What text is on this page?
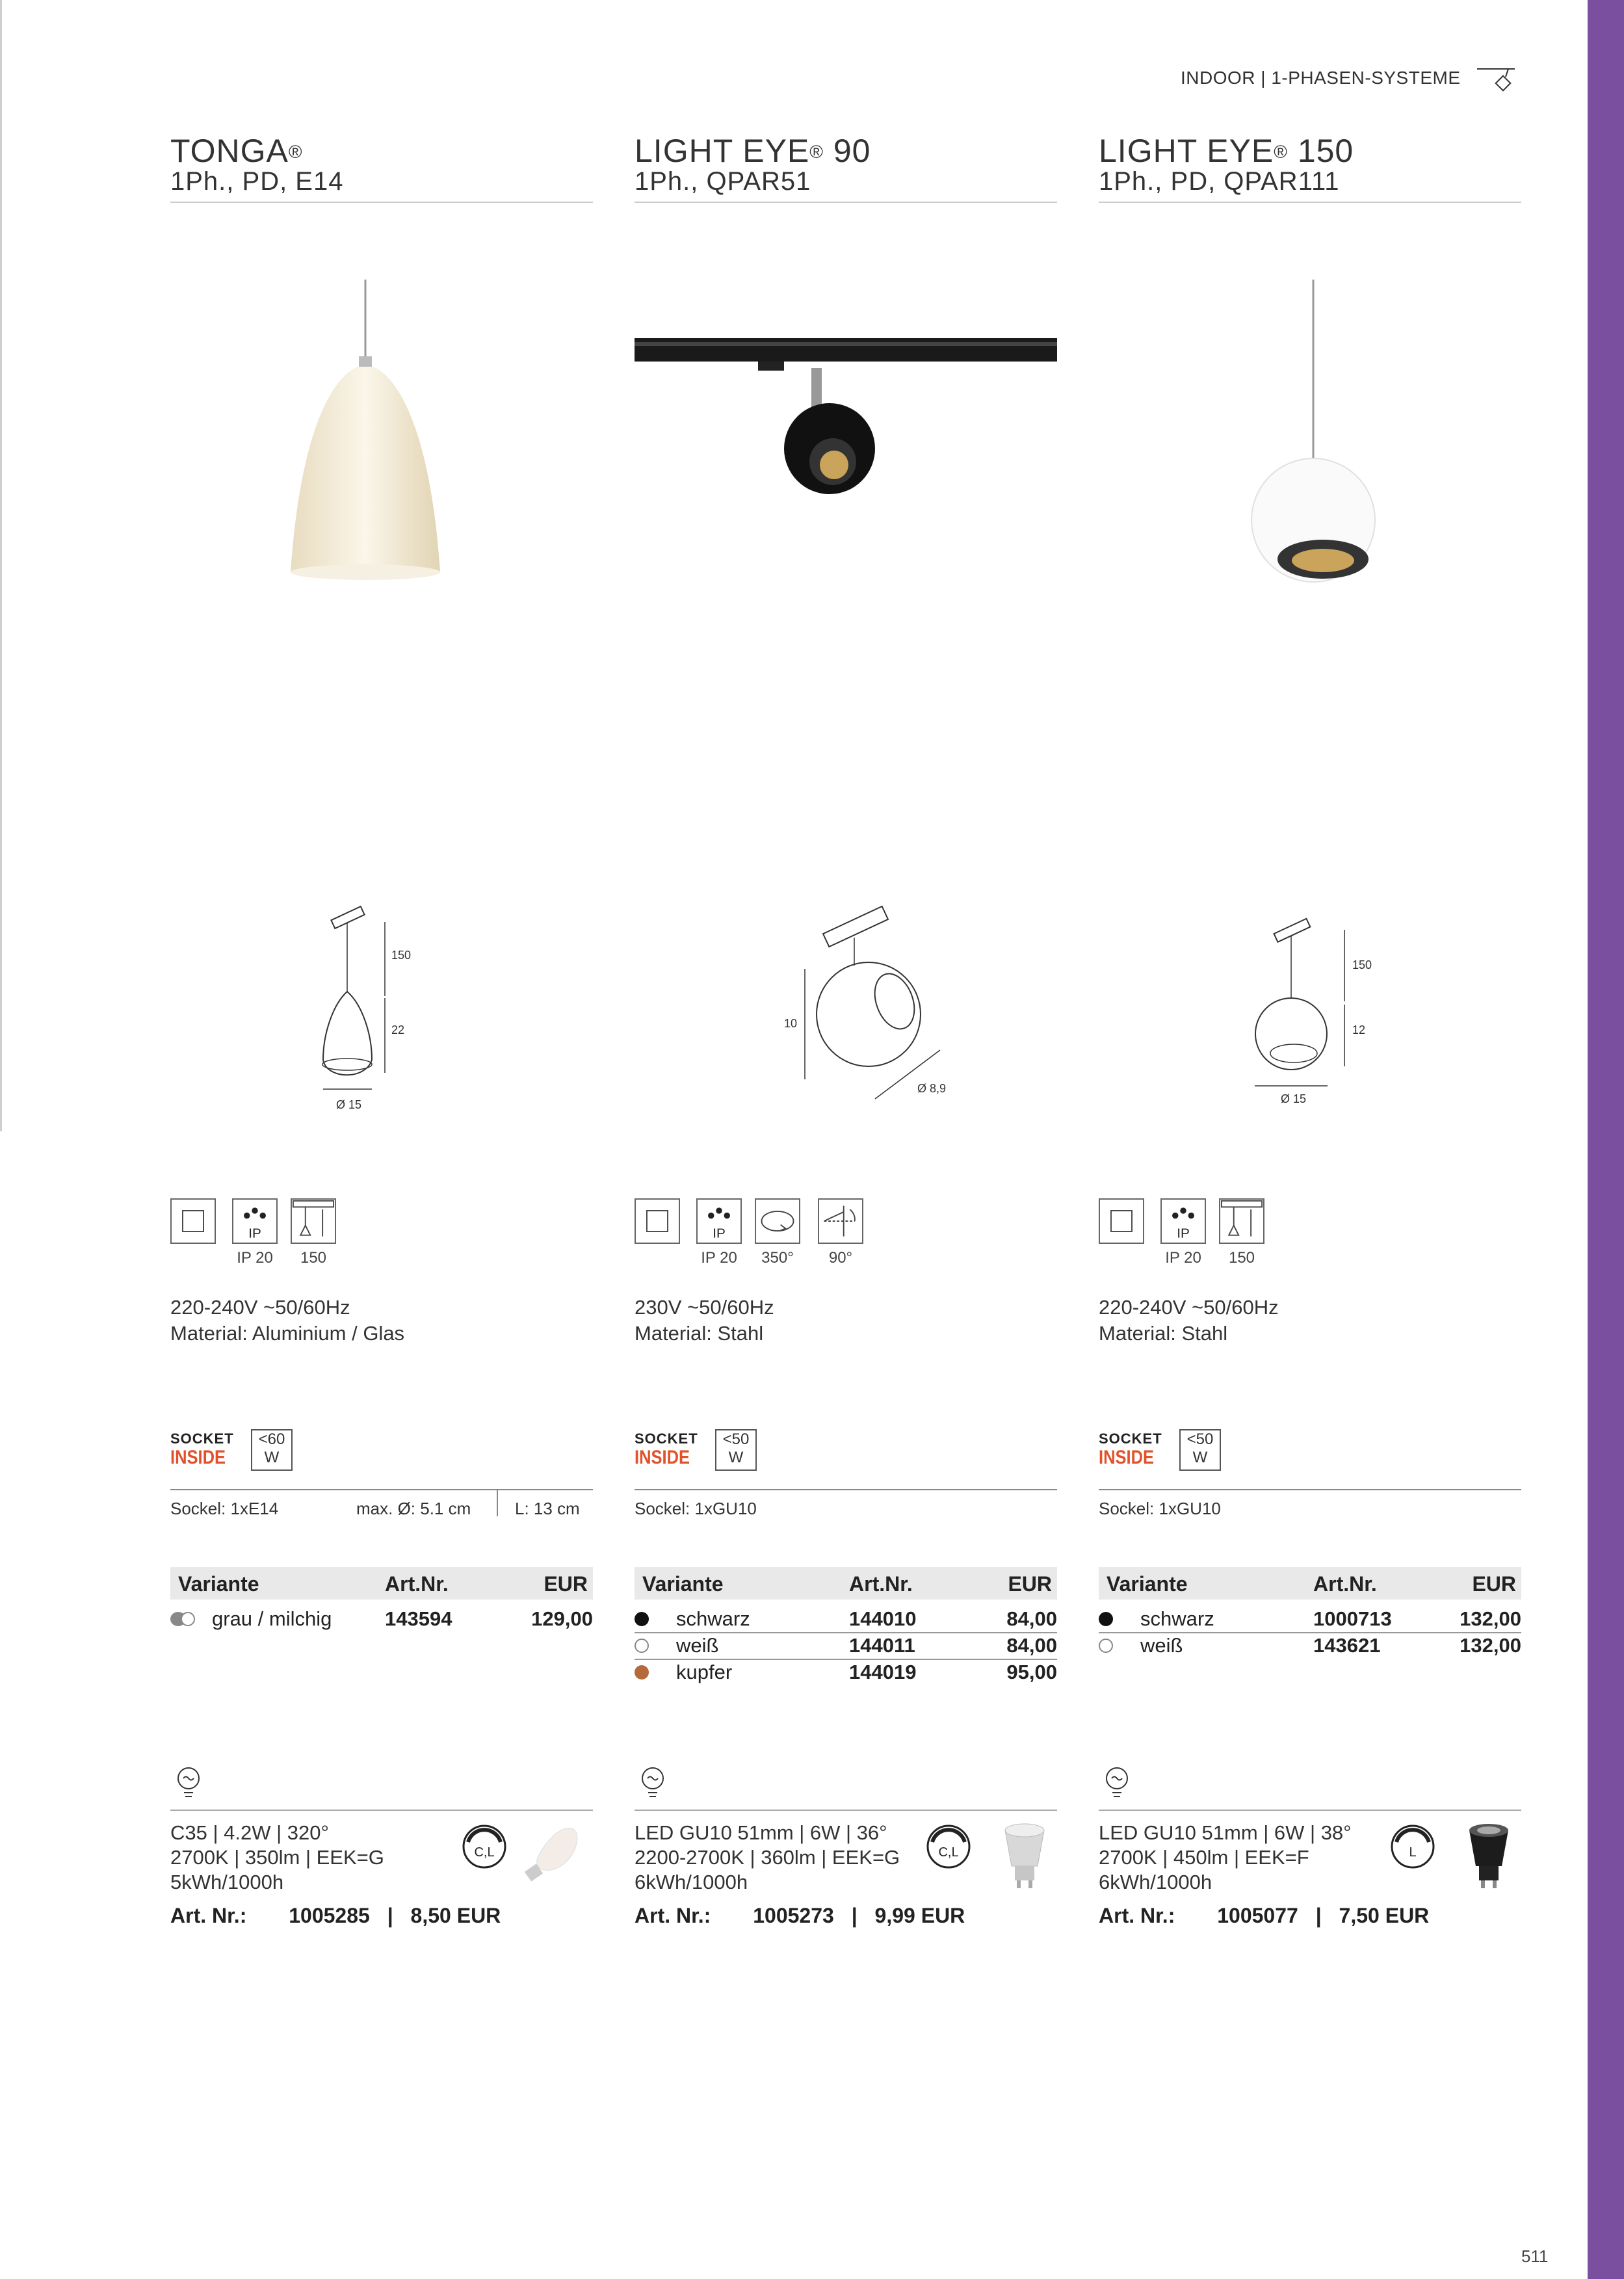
INDOOR | 1-PHASEN-SYSTEME
TONGA®
1Ph., PD, E14
150
22
Ø 15
IP
IP 20	150
220-240V ~50/60Hz
Material: Aluminium / Glas
SOCKET
INSIDE
<60
W
Sockel: 1xE14	max. Ø: 5.1 cm	L: 13 cm
Variante	Art.Nr.	EUR
grau / milchig	143594	129,00
C35 | 4.2W | 320°
2700K | 350lm | EEK=G
5kWh/1000h
C,L
Art. Nr.: 1005285 | 8,50 EUR
LIGHT EYE® 90
1Ph., QPAR51
10
Ø 8,9
IP
IP 20	350°	90°
230V ~50/60Hz
Material: Stahl
SOCKET
INSIDE
<50
W
Sockel: 1xGU10
Variante	Art.Nr.	EUR
schwarz	144010	84,00
weiß	144011	84,00
kupfer	144019	95,00
LED GU10 51mm | 6W | 36°
2200-2700K | 360lm | EEK=G
6kWh/1000h
C,L
Art. Nr.: 1005273 | 9,99 EUR
LIGHT EYE® 150
1Ph., PD, QPAR111
150
12
Ø 15
IP
IP 20	150
220-240V ~50/60Hz
Material: Stahl
SOCKET
INSIDE
<50
W
Sockel: 1xGU10
Variante	Art.Nr.	EUR
schwarz	1000713	132,00
weiß	143621	132,00
LED GU10 51mm | 6W | 38°
2700K | 450lm | EEK=F
6kWh/1000h
L
Art. Nr.: 1005077 | 7,50 EUR
511
